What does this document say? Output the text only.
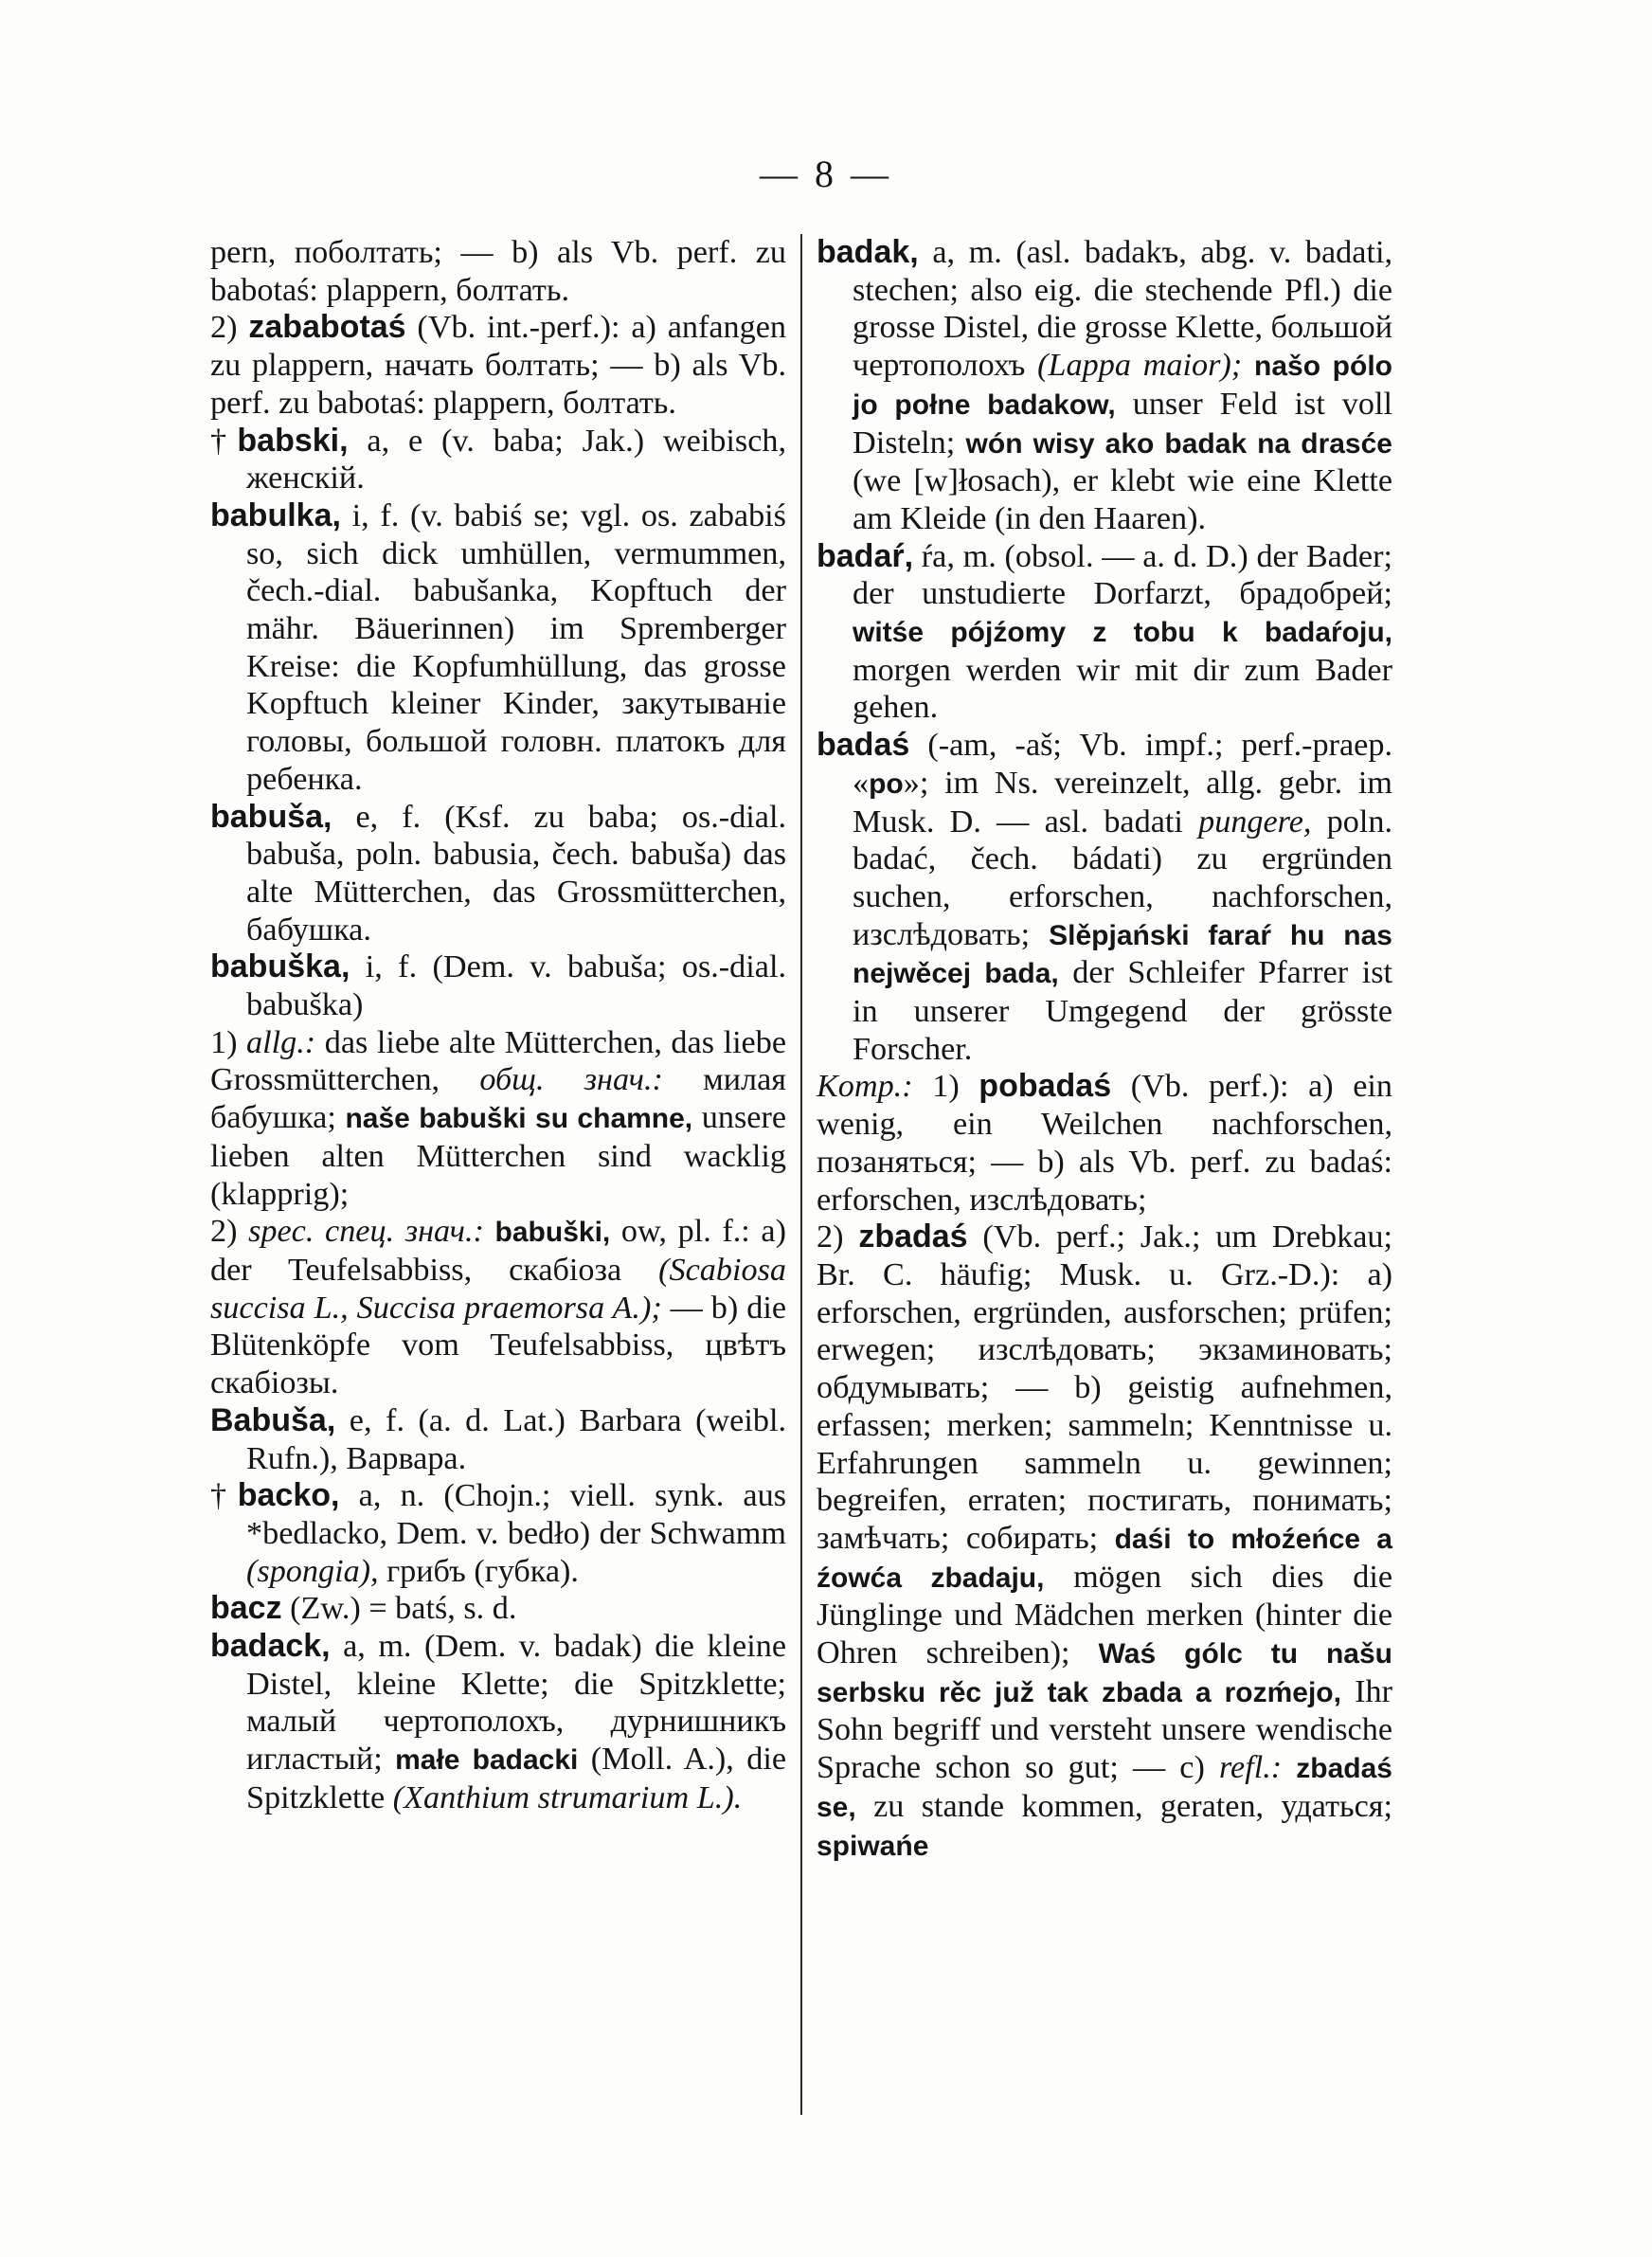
— 8 —

pern, поболтать; — b) als Vb. perf. zu babotaś: plappern, болтать.

2) zababotaś (Vb. int.-perf.): a) anfangen zu plappern, начать болтать; — b) als Vb. perf. zu babotaś: plappern, болтать.

†babski, a, e (v. baba; Jak.) weibisch, женскій.

babulka, i, f. (v. babiś se; vgl. os. zababiś so, sich dick umhüllen, vermummen, čech.-dial. babušanka, Kopftuch der mähr. Bäuerinnen) im Spremberger Kreise: die Kopfumhüllung, das grosse Kopftuch kleiner Kinder, закутываніе головы, большой головн. платокъ для ребенка.

babuša, e, f. (Ksf. zu baba; os.-dial. babuša, poln. babusia, čech. babuša) das alte Mütterchen, das Grossmütterchen, бабушка.

babuška, i, f. (Dem. v. babuša; os.-dial. babuška)

1) allg.: das liebe alte Mütterchen, das liebe Grossmütterchen, общ. знач.: милая бабушка; naše babuški su chamne, unsere lieben alten Mütterchen sind wacklig (klapprig);

2) spec. спец. знач.: babuški, ow, pl. f.: a) der Teufelsabbiss, скабіоза (Scabiosa succisa L., Succisa praemorsa A.); — b) die Blütenköpfe vom Teufelsabbiss, цвѣтъ скабіозы.

Babuša, e, f. (a. d. Lat.) Barbara (weibl. Rufn.), Варвара.

†backo, a, n. (Chojn.; viell. synk. aus *bedlacko, Dem. v. bedło) der Schwamm (spongia), грибъ (губка).

bacz (Zw.) = batś, s. d.

badack, a, m. (Dem. v. badak) die kleine Distel, kleine Klette; die Spitzklette; малый чертополохъ, дурнишникъ игластый; małe badacki (Moll. A.), die Spitzklette (Xanthium strumarium L.).

badak, a, m. (asl. badakъ, abg. v. badati, stechen; also eig. die stechende Pfl.) die grosse Distel, die grosse Klette, большой чертополохъ (Lappa maior); našo pólo jo połne badakow, unser Feld ist voll Disteln; wón wisy ako badak na drasće (we [w]łosach), er klebt wie eine Klette am Kleide (in den Haaren).

badaŕ, ŕa, m. (obsol. — a. d. D.) der Bader; der unstudierte Dorfarzt, брадобрей; witśe pójźomy z tobu k badaŕoju, morgen werden wir mit dir zum Bader gehen.

badaś (-am, -aš; Vb. impf.; perf.-praep. «po»; im Ns. vereinzelt, allg. gebr. im Musk. D. — asl. badati pungere, poln. badać, čech. bádati) zu ergründen suchen, erforschen, nachforschen, изслѣдовать; Slěpjański faraŕ hu nas nejwěcej bada, der Schleifer Pfarrer ist in unserer Umgegend der grösste Forscher.

Komp.: 1) pobadaś (Vb. perf.): a) ein wenig, ein Weilchen nachforschen, позаняться; — b) als Vb. perf. zu badaś: erforschen, изслѣдовать;

2) zbadaś (Vb. perf.; Jak.; um Drebkau; Br. C. häufig; Musk. u. Grz.-D.): a) erforschen, ergründen, ausforschen; prüfen; erwegen; изслѣдовать; экзаминовать; обдумывать; — b) geistig aufnehmen, erfassen; merken; sammeln; Kenntnisse u. Erfahrungen sammeln u. gewinnen; begreifen, erraten; постигать, понимать; замѣчать; собирать; daśi to młoźeńce a źowća zbadaju, mögen sich dies die Jünglinge und Mädchen merken (hinter die Ohren schreiben); Waś gólc tu našu serbsku rěc juž tak zbada a rozḿejo, Ihr Sohn begriff und versteht unsere wendische Sprache schon so gut; — c) refl.: zbadaś se, zu stande kommen, geraten, удаться; spiwańe
